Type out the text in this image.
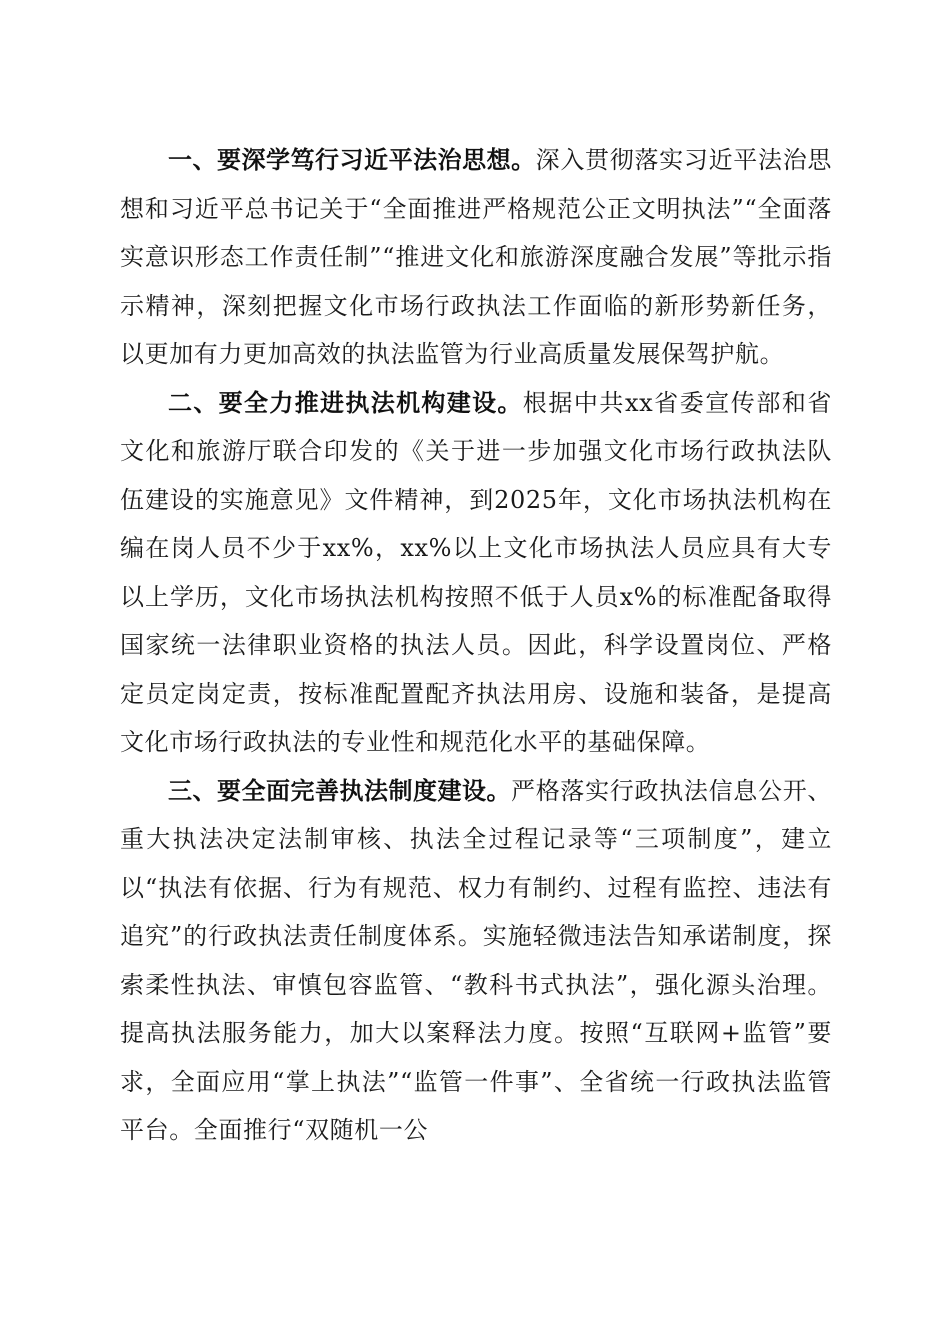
一、要深学笃行习近平法治思想。深入贯彻落实习近平法治思想和习近平总书记关于“全面推进严格规范公正文明执法”“全面落实意识形态工作责任制”“推进文化和旅游深度融合发展”等批示指示精神，深刻把握文化市场行政执法工作面临的新形势新任务，以更加有力更加高效的执法监管为行业高质量发展保驾护航。

二、要全力推进执法机构建设。根据中共xx省委宣传部和省文化和旅游厅联合印发的《关于进一步加强文化市场行政执法队伍建设的实施意见》文件精神，到2025年，文化市场执法机构在编在岗人员不少于xx%，xx%以上文化市场执法人员应具有大专以上学历，文化市场执法机构按照不低于人员x%的标准配备取得国家统一法律职业资格的执法人员。因此，科学设置岗位、严格定员定岗定责，按标准配置配齐执法用房、设施和装备，是提高文化市场行政执法的专业性和规范化水平的基础保障。

三、要全面完善执法制度建设。严格落实行政执法信息公开、重大执法决定法制审核、执法全过程记录等“三项制度”，建立以“执法有依据、行为有规范、权力有制约、过程有监控、违法有追究”的行政执法责任制度体系。实施轻微违法告知承诺制度，探索柔性执法、审慎包容监管、“教科书式执法”，强化源头治理。提高执法服务能力，加大以案释法力度。按照“互联网+监管”要求，全面应用“掌上执法”“监管一件事”、全省统一行政执法监管平台。全面推行“双随机一公
